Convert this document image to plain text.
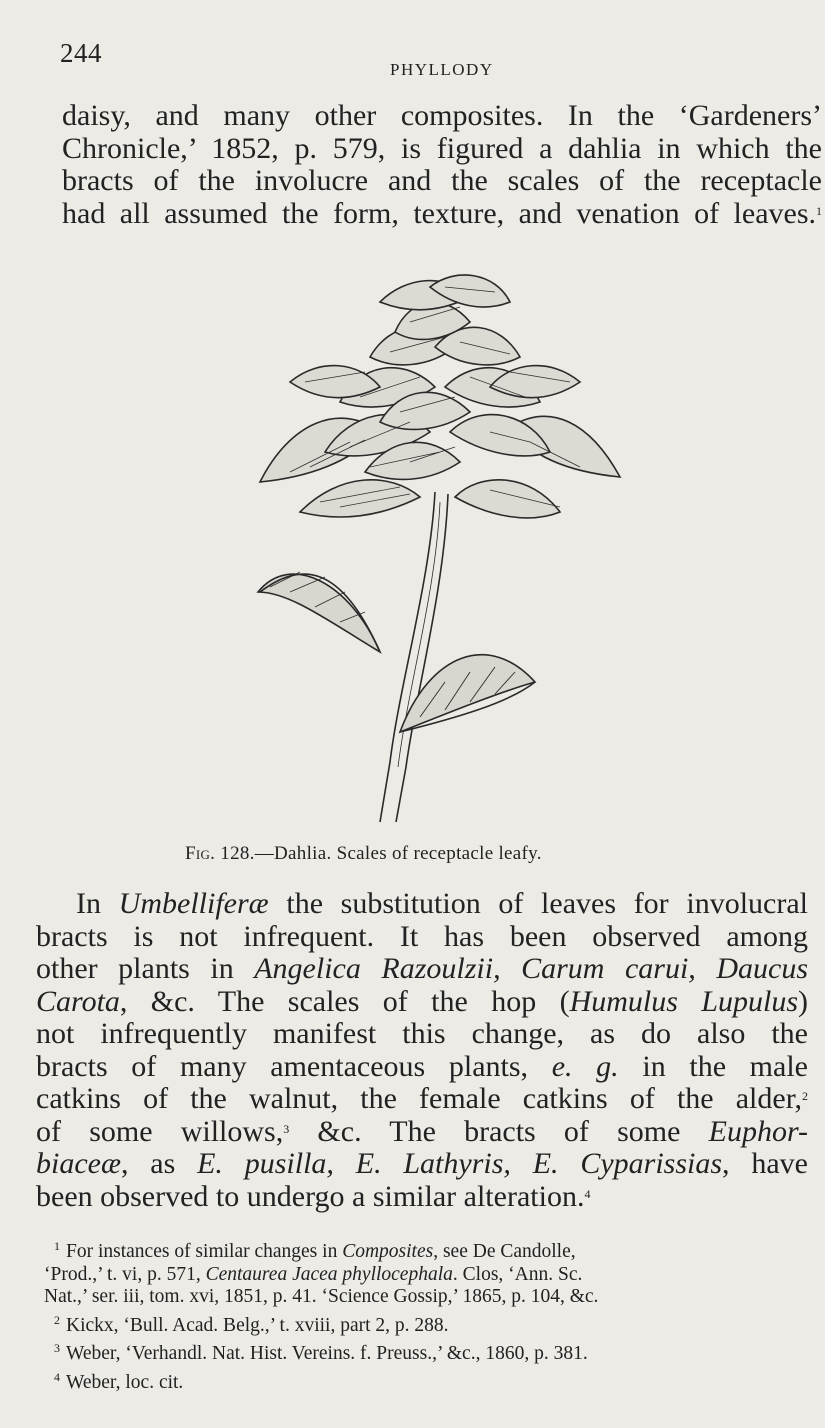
244
PHYLLODY

daisy, and many other composites. In the ‘Gardeners’
Chronicle,’ 1852, p. 579, is figured a dahlia in which the
bracts of the involucre and the scales of the receptacle
had all assumed the form, texture, and venation of leaves.$^1$

Fig. 128.—Dahlia. Scales of receptacle leafy.

In Umbelliferæ the substitution of leaves for involucral
bracts is not infrequent. It has been observed among
other plants in Angelica Razoulzii, Carum carui, Daucus
Carota, &c. The scales of the hop (Humulus Lupulus)
not infrequently manifest this change, as do also the
bracts of many amentaceous plants, e. g. in the male
catkins of the walnut, the female catkins of the alder,$^2$
of some willows,$^3$ &c. The bracts of some Euphor-
biaceæ, as E. pusilla, E. Lathyris, E. Cyparissias, have
been observed to undergo a similar alteration.$^4$

$^1$ For instances of similar changes in Composites, see De Candolle,
‘Prod.,’ t. vi, p. 571, Centaurea Jacea phyllocephala. Clos, ‘Ann. Sc.
Nat.,’ ser. iii, tom. xvi, 1851, p. 41. ‘Science Gossip,’ 1865, p. 104, &c.
$^2$ Kickx, ‘Bull. Acad. Belg.,’ t. xviii, part 2, p. 288.
$^3$ Weber, ‘Verhandl. Nat. Hist. Vereins. f. Preuss.,’ &c., 1860, p. 381.
$^4$ Weber, loc. cit.
